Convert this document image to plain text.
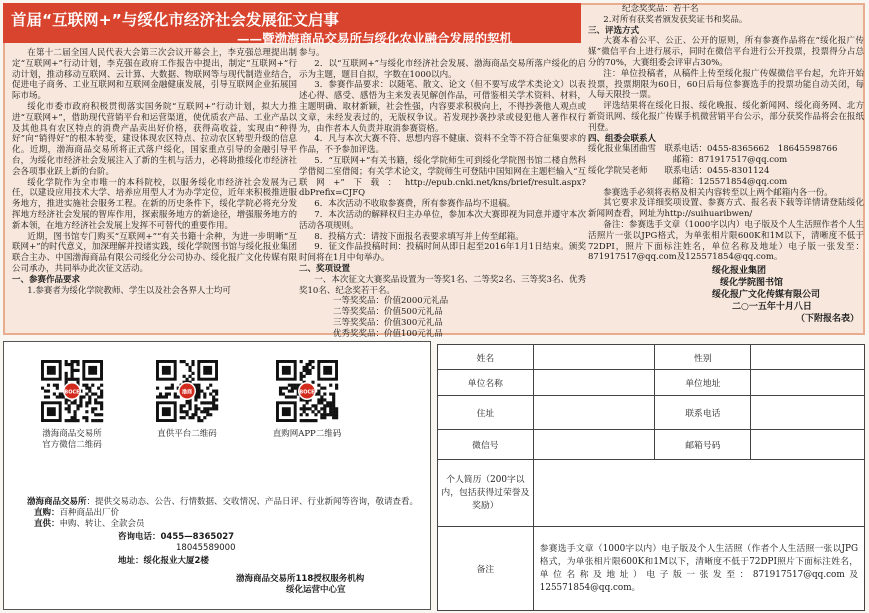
首届“互联网+”与绥化市经济社会发展征文启事
——暨渤海商品交易所与绥化农业融合发展的契机

在第十二届全国人民代表大会第三次会议开幕会上，李克强总理提出制定“互联网+”行动计划，李克强在政府工作报告中提出，制定“互联网+”行动计划，推动移动互联网、云计算、大数据、物联网等与现代制造业结合，促进电子商务、工业互联网和互联网金融健康发展，引导互联网企业拓展国际市场。

绥化市委市政府积极贯彻落实国务院“互联网+”行动计划，拟大力推进“互联网+”，借助现代营销平台和运营渠道，使优质农产品、工业产品以及其他具有农区特点的消费产品卖出好价格，获得高收益，实现由“种得好”向“销得好”的根本转变，建设体现农区特点、拉动农区转型升级的信息化。近期，渤海商品交易所将正式落户绥化，国家重点引导的金融引导平台，为绥化市经济社会发展注入了新的生机与活力，必将助推绥化市经济社会各项事业跃上新的台阶。

绥化学院作为全市唯一的本科院校，以服务绥化市经济社会发展为己任，以建设应用技术大学、培养应用型人才为办学定位，近年来积极推进服务地方，推进实施社会服务工程。在新的历史条件下，绥化学院必将充分发挥地方经济社会发展的智库作用，探索服务地方的新途径，增强服务地方的新本领，在地方经济社会发展上发挥不可替代的重要作用。

近期，图书馆专门购买“互联网+”“有关书籍十余种，为进一步明晰“互联网+”的时代意义，加深理解并投诸实践，绥化学院图书馆与绥化报业集团联合主办、中国渤海商品有限公司绥化分公司协办、绥化报广文化传媒有限公司承办，共同举办此次征文活动。

一、参赛作品要求

1.参赛者为绥化学院教师、学生以及社会各界人士均可

参与。

2．以“互联网+”与绥化市经济社会发展、渤海商品交易所落户绥化的启示为主题，题目自拟，字数在1000以内。

3．参赛作品要求：以随笔、散文、论文（但不要写成学术类论文）以表述心得、感受、感悟为主来发表见解创作品，可借鉴相关学术资料、材料，主题明确、取材新颖，社会性强，内容要求积极向上，不得抄袭他人观点或文章，未经发表过的，无版权争议。若发现抄袭抄录或侵犯他人著作权行为，由作者本人负责并取消参赛资格。

4．凡与本次大赛不符、思想内容不健康、资料不全等不符合征集要求的作品，不予参加评选。

5．“互联网+”有关书籍，绥化学院师生可到绥化学院图书馆二楼自然科学借阅二室借阅；有关学术论文，学院师生可登陆中国知网在主题栏输入“互联网+”下载：http://epub.cnki.net/kns/brief/result.aspx?dbPrefix=CJFQ

6．本次活动不收取参赛费，所有参赛作品均不退稿。

7．本次活动的解释权归主办单位，参加本次大赛即视为同意并遵守本次活动各项规则。

8．投稿方式：请按下面报名表要求填写并上传至邮箱。

9．征文作品投稿时间：投稿时间从即日起至2016年1月1日结束。颁奖时间将在1月中旬举办。

二、奖项设置

一、本次征文大赛奖品设置为一等奖1名、二等奖2名、三等奖3名、优秀奖10名、纪念奖若干名。

一等奖奖品：价值2000元礼品

二等奖奖品：价值500元礼品

三等奖奖品：价值300元礼品

优秀奖奖品：价值100元礼品

纪念奖奖品：若干名

2.对所有获奖者颁发获奖证书和奖品。

三、评选方式

大赛本着公平、公正、公开的原则，所有参赛作品将在“绥化报广传媒”微信平台上进行展示，同时在微信平台进行公开投票，投票得分占总分的70%，大赛组委会评审占30%。

注：单位投稿者，从稿件上传至绥化报广传媒微信平台起，允许开始投票，投票期限为60日，60日后每位参赛选手的投票功能自动关闭，每人每天限投一票。

评选结果将在绥化日报、绥化晚报、绥化新闻网、绥化商务网、北方新资讯网、绥化报广传媒手机微营销平台公示，部分获奖作品将会在报纸刊登。

四、组委会联系人

绥化报业集团曲雪　联系电话：0455-8365662　18645598766

　　　　　　　　　　邮箱：871917517@qq.com

绥化学院吴老师　　联系电话：0455-8301124

　　　　　　　　　　邮箱：125571854@qq.com

参赛选手必须将表格及相关内容转至以上两个邮箱内各一份。

其它要求及详细奖项设置、参赛方式、报名表下载等详情请登陆绥化新闻网查看，网址为http://suihuaribwen/

备注：参赛选手文章（1000字以内）电子版及个人生活照作者个人生活照片一张以JPG格式，为单张相片限600K和1M以下，清晰度不低于72DPI，照片下面标注姓名，单位名称及地址）电子版一张发至：871917517@qq.com及125571854@qq.com。

绥化报业集团
绥化学院图书馆
绥化报广文化传媒有限公司
二○一五年十月八日
（下附报名表）
BOCE	渤商	BOCE
渤海商品交易所
官方微信二维码
直供平台二维码	直购网APP二维码
渤海商品交易所：提供交易动态、公告、行情数据、交收情况、产品日评、行业新闻等咨询，敬请查看。
直购：百种商品出厂价
直供：申购、转让、全款会员
咨询电话：0455—8365027
18045589000
地址：绥化报业大厦2楼
渤海商品交易所118授权服务机构
绥化运营中心宣
姓名		性别	
单位名称		单位地址	
住址		联系电话	
微信号		邮箱号码	
个人简历（200字以内，包括获得过荣誉及奖励）			
备注	参赛选手文章（1000字以内）电子版及个人生活照（作者个人生活照一张以JPG格式，为单张相片限600K和1M以下，清晰度不低于72DPI照片下面标注姓名，单位名称及地址）电子版一张发至：871917517@qq.com及125571854@qq.com。		
